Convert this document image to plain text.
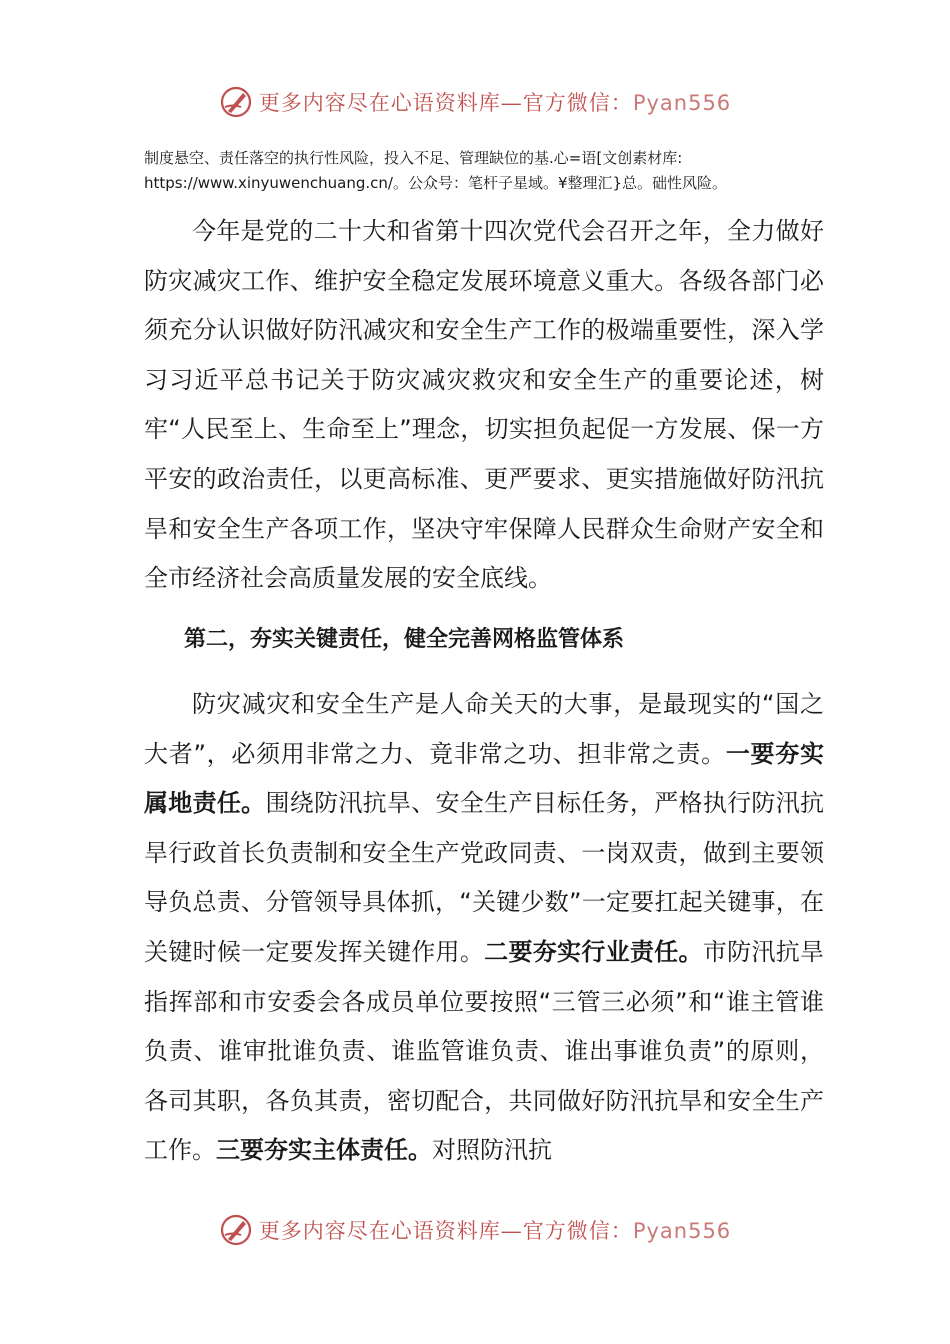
更多内容尽在心语资料库—官方微信：Pyan556
制度悬空、责任落空的执行性风险，投入不足、管理缺位的基.心=语[文创素材库:
https://www.xinyuwenchuang.cn/。公众号：笔杆子星域。¥整理汇}总。础性风险。

今年是党的二十大和省第十四次党代会召开之年，全力做好防灾减灾工作、维护安全稳定发展环境意义重大。各级各部门必须充分认识做好防汛减灾和安全生产工作的极端重要性，深入学习习近平总书记关于防灾减灾救灾和安全生产的重要论述，树牢“人民至上、生命至上”理念，切实担负起促一方发展、保一方平安的政治责任，以更高标准、更严要求、更实措施做好防汛抗旱和安全生产各项工作，坚决守牢保障人民群众生命财产安全和全市经济社会高质量发展的安全底线。

第二，夯实关键责任，健全完善网格监管体系

防灾减灾和安全生产是人命关天的大事，是最现实的“国之大者”，必须用非常之力、竟非常之功、担非常之责。一要夯实属地责任。围绕防汛抗旱、安全生产目标任务，严格执行防汛抗旱行政首长负责制和安全生产党政同责、一岗双责，做到主要领导负总责、分管领导具体抓，“关键少数”一定要扛起关键事，在关键时候一定要发挥关键作用。二要夯实行业责任。市防汛抗旱指挥部和市安委会各成员单位要按照“三管三必须”和“谁主管谁负责、谁审批谁负责、谁监管谁负责、谁出事谁负责”的原则，各司其职，各负其责，密切配合，共同做好防汛抗旱和安全生产工作。三要夯实主体责任。对照防汛抗

更多内容尽在心语资料库—官方微信：Pyan556
